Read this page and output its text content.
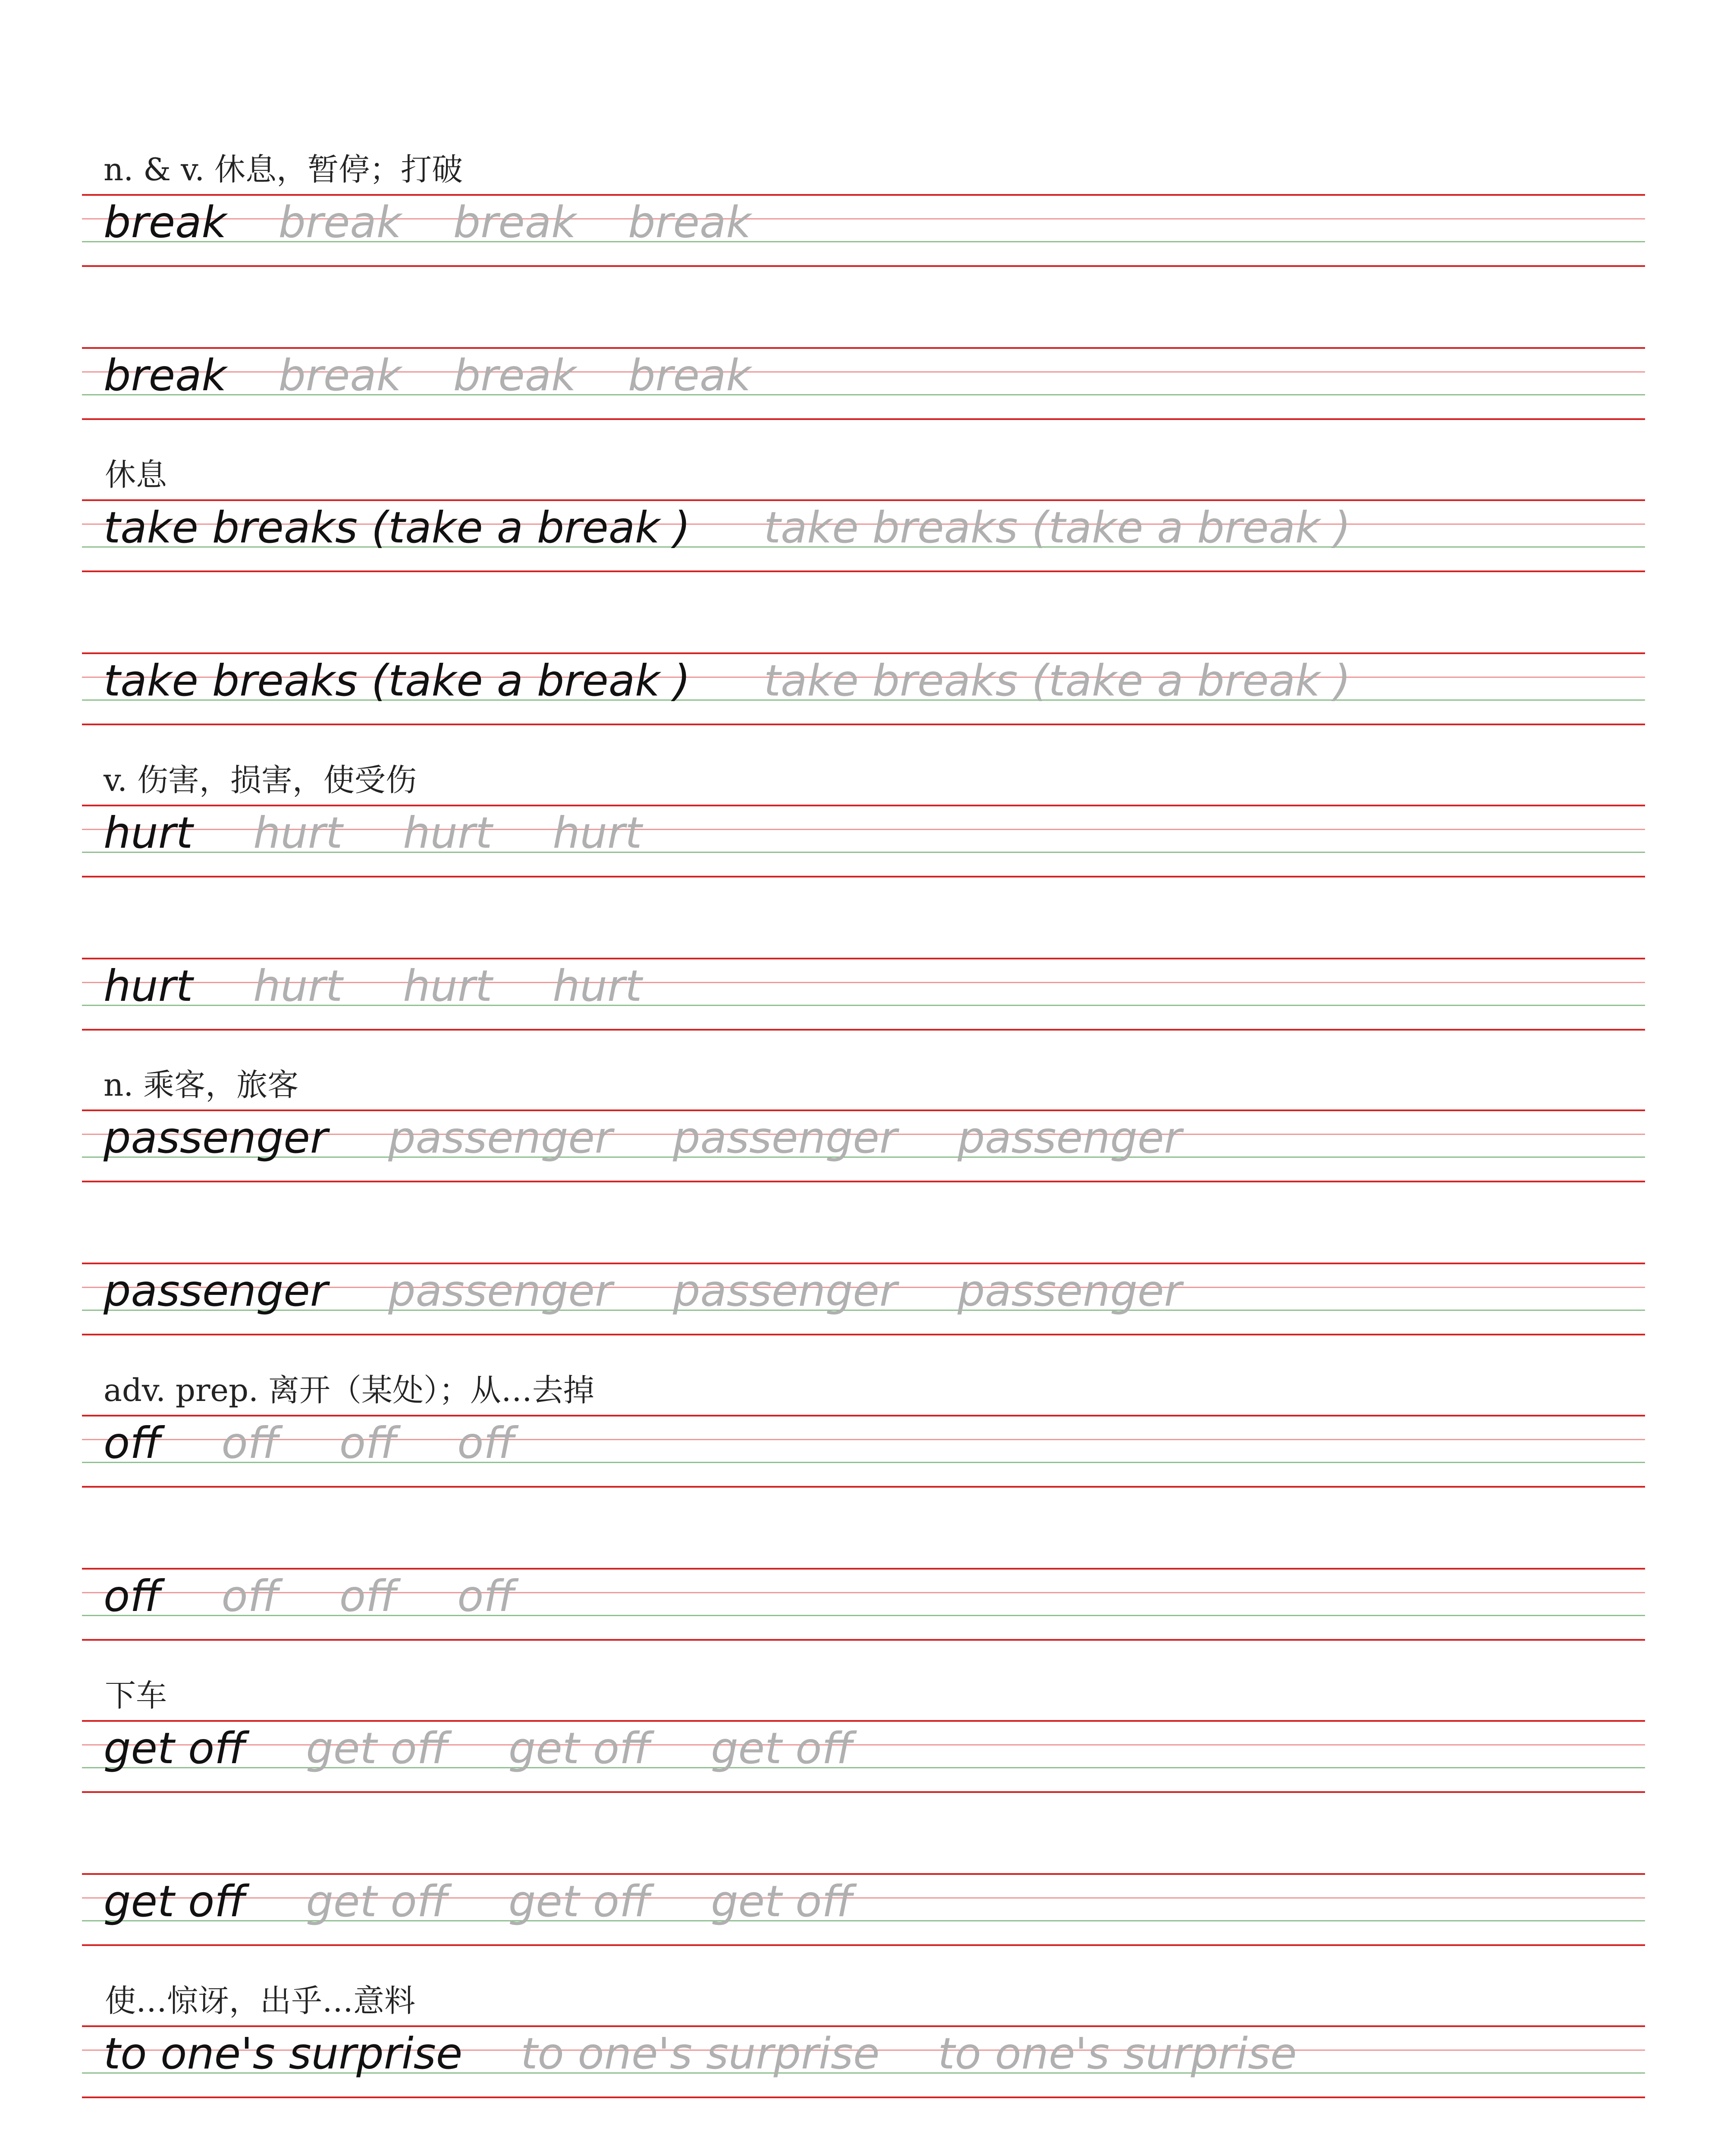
n. & v. 休息，暂停；打破
break break break break
break break break break
休息
take breaks (take a break ) take breaks (take a break )
take breaks (take a break ) take breaks (take a break )
v. 伤害，损害，使受伤
hurt hurt hurt hurt
hurt hurt hurt hurt
n. 乘客，旅客
passenger passenger passenger passenger
passenger passenger passenger passenger
adv. prep. 离开（某处）；从…去掉
off off off off
off off off off
下车
get off get off get off get off
get off get off get off get off
使…惊讶，出乎…意料
to one's surprise to one's surprise to one's surprise
